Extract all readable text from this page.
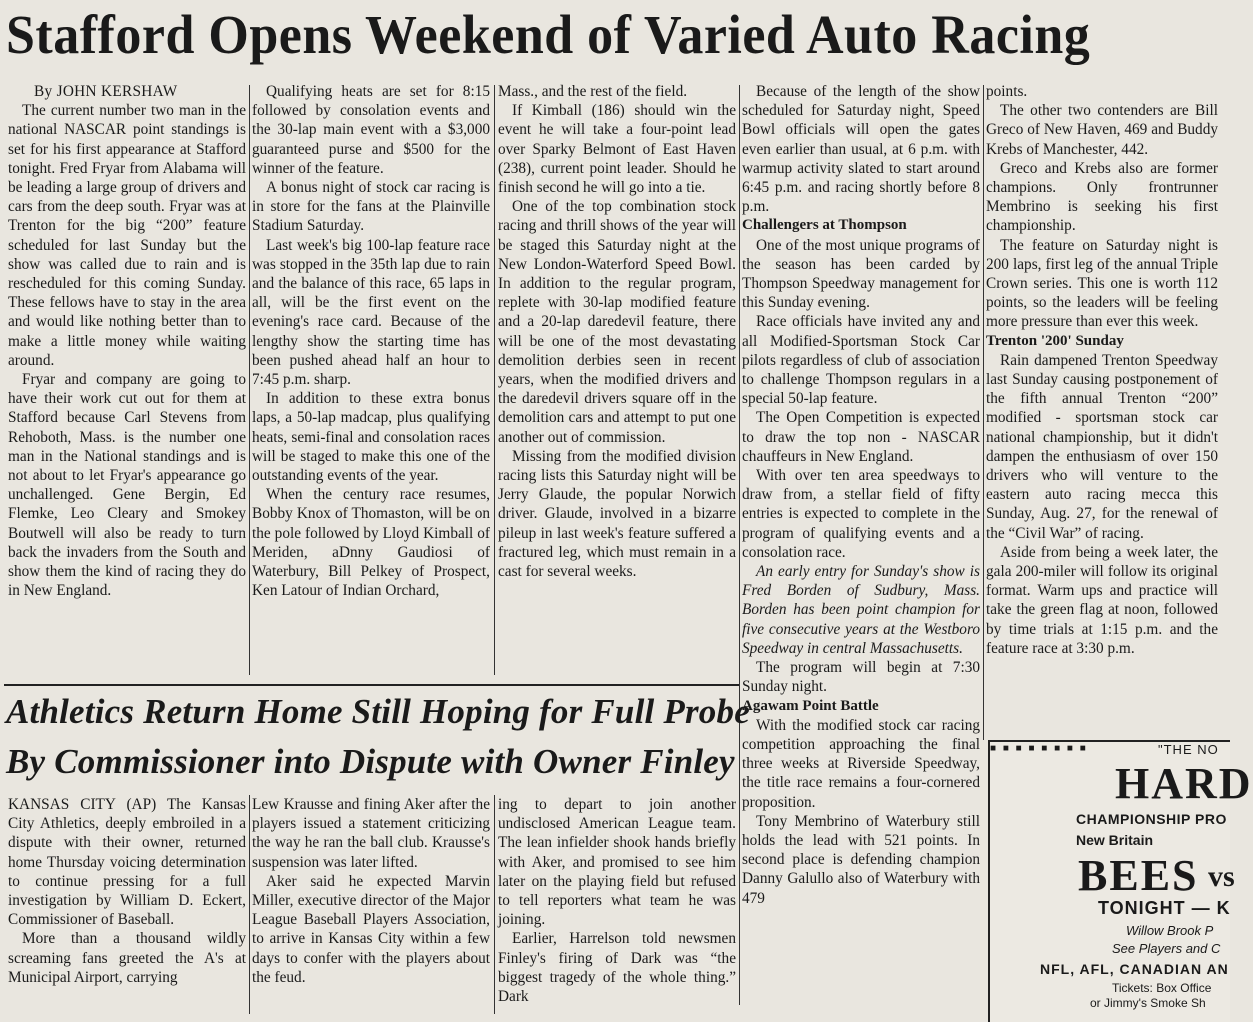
Stafford Opens Weekend of Varied Auto Racing

By JOHN KERSHAW

The current number two man in the national NASCAR point standings is set for his first appearance at Stafford tonight. Fred Fryar from Alabama will be leading a large group of drivers and cars from the deep south. Fryar was at Trenton for the big “200” feature scheduled for last Sunday but the show was called due to rain and is rescheduled for this coming Sunday. These fellows have to stay in the area and would like nothing better than to make a little money while waiting around.

Fryar and company are going to have their work cut out for them at Stafford because Carl Stevens from Rehoboth, Mass. is the number one man in the National standings and is not about to let Fryar's appearance go unchallenged. Gene Bergin, Ed Flemke, Leo Cleary and Smokey Boutwell will also be ready to turn back the invaders from the South and show them the kind of racing they do in New England.

Qualifying heats are set for 8:15 followed by consolation events and the 30-lap main event with a $3,000 guaranteed purse and $500 for the winner of the feature.

A bonus night of stock car racing is in store for the fans at the Plainville Stadium Saturday.

Last week's big 100-lap feature race was stopped in the 35th lap due to rain and the balance of this race, 65 laps in all, will be the first event on the evening's race card. Because of the lengthy show the starting time has been pushed ahead half an hour to 7:45 p.m. sharp.

In addition to these extra bonus laps, a 50-lap madcap, plus qualifying heats, semi-final and consolation races will be staged to make this one of the outstanding events of the year.

When the century race resumes, Bobby Knox of Thomaston, will be on the pole followed by Lloyd Kimball of Meriden, aDnny Gaudiosi of Waterbury, Bill Pelkey of Prospect, Ken Latour of Indian Orchard,

Mass., and the rest of the field.

If Kimball (186) should win the event he will take a four-point lead over Sparky Belmont of East Haven (238), current point leader. Should he finish second he will go into a tie.

One of the top combination stock racing and thrill shows of the year will be staged this Saturday night at the New London-Waterford Speed Bowl. In addition to the regular program, replete with 30-lap modified feature and a 20-lap daredevil feature, there will be one of the most devastating demolition derbies seen in recent years, when the modified drivers and the daredevil drivers square off in the demolition cars and attempt to put one another out of commission.

Missing from the modified division racing lists this Saturday night will be Jerry Glaude, the popular Norwich driver. Glaude, involved in a bizarre pileup in last week's feature suffered a fractured leg, which must remain in a cast for several weeks.

Because of the length of the show scheduled for Saturday night, Speed Bowl officials will open the gates even earlier than usual, at 6 p.m. with warmup activity slated to start around 6:45 p.m. and racing shortly before 8 p.m.

Challengers at Thompson

One of the most unique programs of the season has been carded by Thompson Speedway management for this Sunday evening.

Race officials have invited any and all Modified-Sportsman Stock Car pilots regardless of club of association to challenge Thompson regulars in a special 50-lap feature.

The Open Competition is expected to draw the top non - NASCAR chauffeurs in New England.

With over ten area speedways to draw from, a stellar field of fifty entries is expected to complete in the program of qualifying events and a consolation race.

An early entry for Sunday's show is Fred Borden of Sudbury, Mass. Borden has been point champion for five consecutive years at the Westboro Speedway in central Massachusetts.

The program will begin at 7:30 Sunday night.

Agawam Point Battle

With the modified stock car racing competition approaching the final three weeks at Riverside Speedway, the title race remains a four-cornered proposition.

Tony Membrino of Waterbury still holds the lead with 521 points. In second place is defending champion Danny Galullo also of Waterbury with 479

points.

The other two contenders are Bill Greco of New Haven, 469 and Buddy Krebs of Manchester, 442.

Greco and Krebs also are former champions. Only frontrunner Membrino is seeking his first championship.

The feature on Saturday night is 200 laps, first leg of the annual Triple Crown series. This one is worth 112 points, so the leaders will be feeling more pressure than ever this week.

Trenton '200' Sunday

Rain dampened Trenton Speedway last Sunday causing postponement of the fifth annual Trenton “200” modified - sportsman stock car national championship, but it didn't dampen the enthusiasm of over 150 drivers who will venture to the eastern auto racing mecca this Sunday, Aug. 27, for the renewal of the “Civil War” of racing.

Aside from being a week later, the gala 200-miler will follow its original format. Warm ups and practice will take the green flag at noon, followed by time trials at 1:15 p.m. and the feature race at 3:30 p.m.

Athletics Return Home Still Hoping for Full Probe
By Commissioner into Dispute with Owner Finley

KANSAS CITY (AP) The Kansas City Athletics, deeply embroiled in a dispute with their owner, returned home Thursday voicing determination to continue pressing for a full investigation by William D. Eckert, Commissioner of Baseball.

More than a thousand wildly screaming fans greeted the A's at Municipal Airport, carrying

Lew Krausse and fining Aker after the players issued a statement criticizing the way he ran the ball club. Krausse's suspension was later lifted.

Aker said he expected Marvin Miller, executive director of the Major League Baseball Players Association, to arrive in Kansas City within a few days to confer with the players about the feud.

ing to depart to join another undisclosed American League team. The lean infielder shook hands briefly with Aker, and promised to see him later on the playing field but refused to tell reporters what team he was joining.

Earlier, Harrelson told newsmen Finley's firing of Dark was “the biggest tragedy of the whole thing.” Dark

■ ■ ■ ■ ■ ■ ■ ■	"THE NO
HARD
CHAMPIONSHIP PRO
New Britain
BEES vs
TONIGHT — K
Willow Brook P
See Players and C
NFL, AFL, CANADIAN AN
Tickets: Box Office
or Jimmy's Smoke Sh
